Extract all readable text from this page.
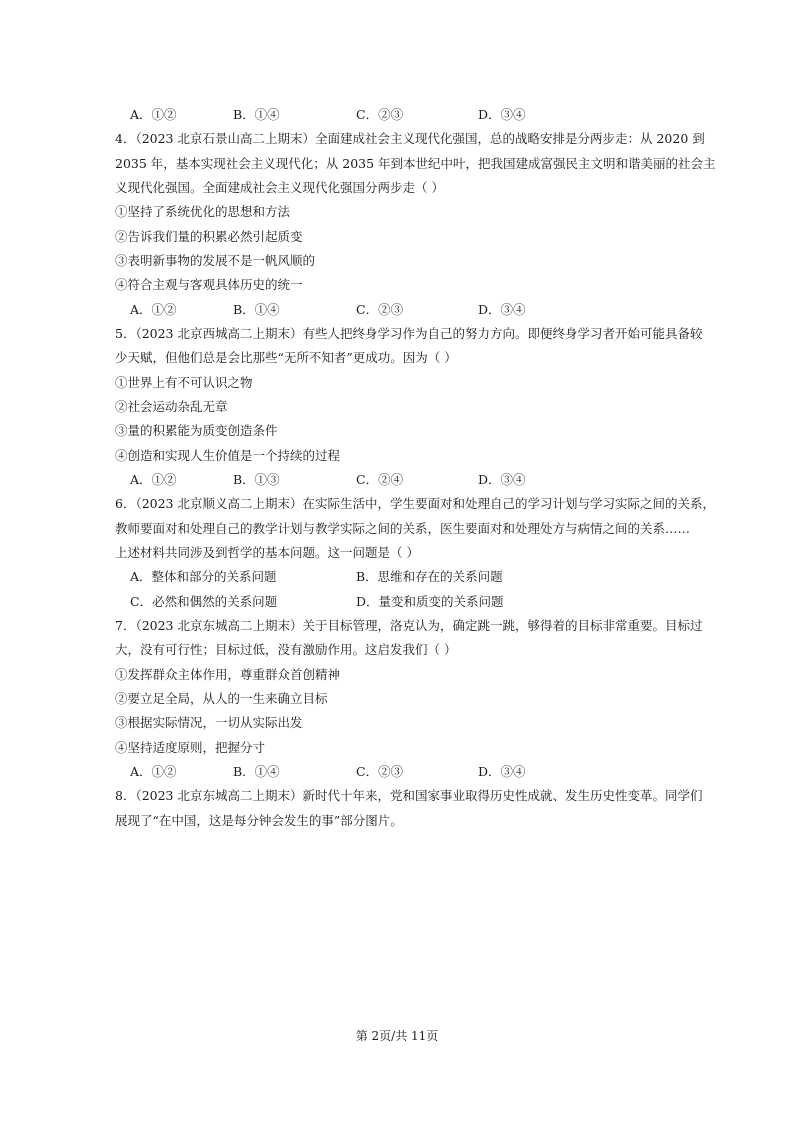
A．①②	B．①④	C．②③	D．③④
4．（2023 北京石景山高二上期末）全面建成社会主义现代化强国，总的战略安排是分两步走：从 2020 到
2035 年，基本实现社会主义现代化；从 2035 年到本世纪中叶，把我国建成富强民主文明和谐美丽的社会主
义现代化强国。全面建成社会主义现代化强国分两步走（ ）
①坚持了系统优化的思想和方法
②告诉我们量的积累必然引起质变
③表明新事物的发展不是一帆风顺的
④符合主观与客观具体历史的统一
A．①②	B．①④	C．②③	D．③④
5．（2023 北京西城高二上期末）有些人把终身学习作为自己的努力方向。即便终身学习者开始可能具备较
少天赋，但他们总是会比那些“无所不知者”更成功。因为（ ）
①世界上有不可认识之物
②社会运动杂乱无章
③量的积累能为质变创造条件
④创造和实现人生价值是一个持续的过程
A．①②	B．①③	C．②④	D．③④
6．（2023 北京顺义高二上期末）在实际生活中，学生要面对和处理自己的学习计划与学习实际之间的关系，
教师要面对和处理自己的教学计划与教学实际之间的关系，医生要面对和处理处方与病情之间的关系……
上述材料共同涉及到哲学的基本问题。这一问题是（ ）
A．整体和部分的关系问题	B．思维和存在的关系问题
C．必然和偶然的关系问题	D．量变和质变的关系问题
7．（2023 北京东城高二上期末）关于目标管理，洛克认为，确定跳一跳，够得着的目标非常重要。目标过
大，没有可行性；目标过低，没有激励作用。这启发我们（ ）
①发挥群众主体作用，尊重群众首创精神
②要立足全局，从人的一生来确立目标
③根据实际情况，一切从实际出发
④坚持适度原则，把握分寸
A．①②	B．①④	C．②③	D．③④
8．（2023 北京东城高二上期末）新时代十年来，党和国家事业取得历史性成就、发生历史性变革。同学们
展现了“在中国，这是每分钟会发生的事”部分图片。
第 2页/共 11页
